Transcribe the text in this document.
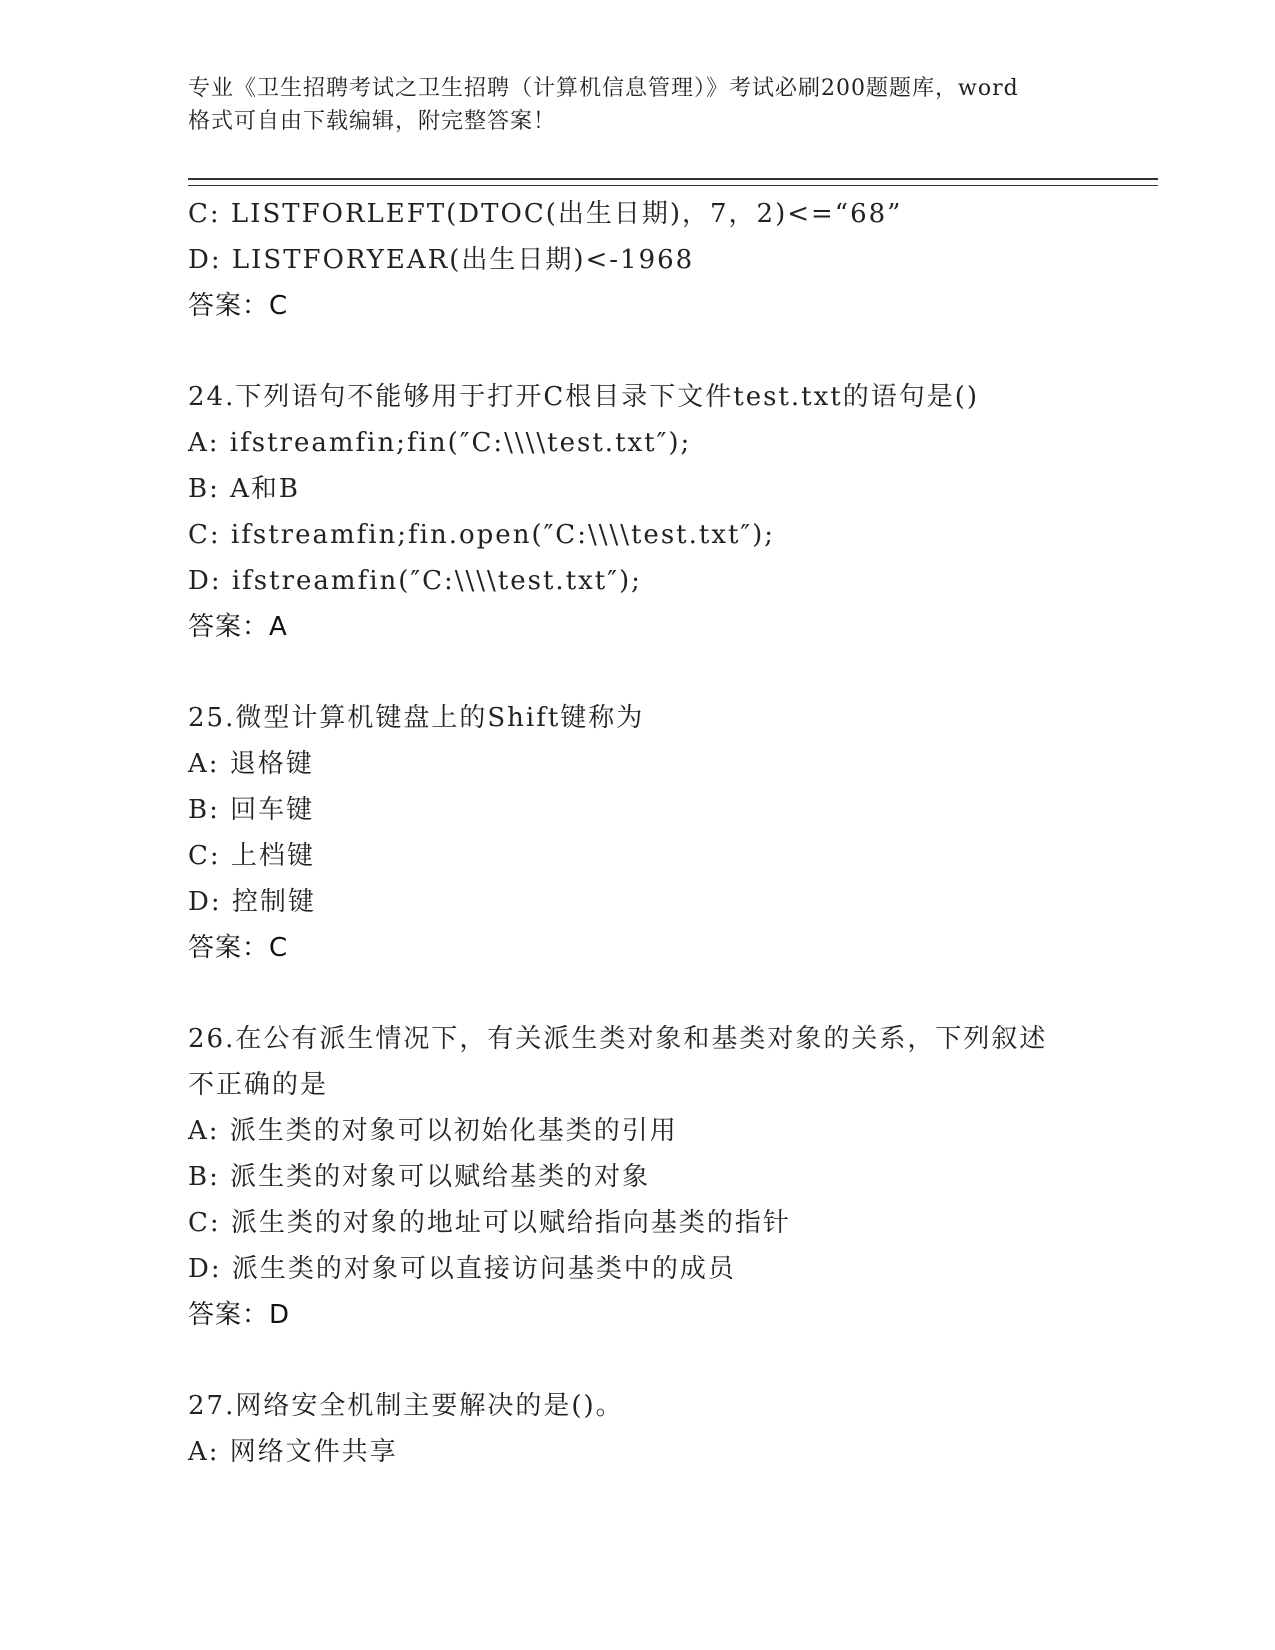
专业《卫生招聘考试之卫生招聘（计算机信息管理）》考试必刷200题题库，word
格式可自由下载编辑，附完整答案！
C: LISTFORLEFT(DTOC(出生日期)，7，2)<=“68”
D: LISTFORYEAR(出生日期)<-1968
答案：C
24.下列语句不能够用于打开C根目录下文件test.txt的语句是()
A: ifstreamfin;fin(″C:\\\\test.txt″);
B: A和B
C: ifstreamfin;fin.open(″C:\\\\test.txt″);
D: ifstreamfin(″C:\\\\test.txt″);
答案：A
25.微型计算机键盘上的Shift键称为
A: 退格键
B: 回车键
C: 上档键
D: 控制键
答案：C
26.在公有派生情况下，有关派生类对象和基类对象的关系，下列叙述
不正确的是
A: 派生类的对象可以初始化基类的引用
B: 派生类的对象可以赋给基类的对象
C: 派生类的对象的地址可以赋给指向基类的指针
D: 派生类的对象可以直接访问基类中的成员
答案：D
27.网络安全机制主要解决的是()。
A: 网络文件共享
